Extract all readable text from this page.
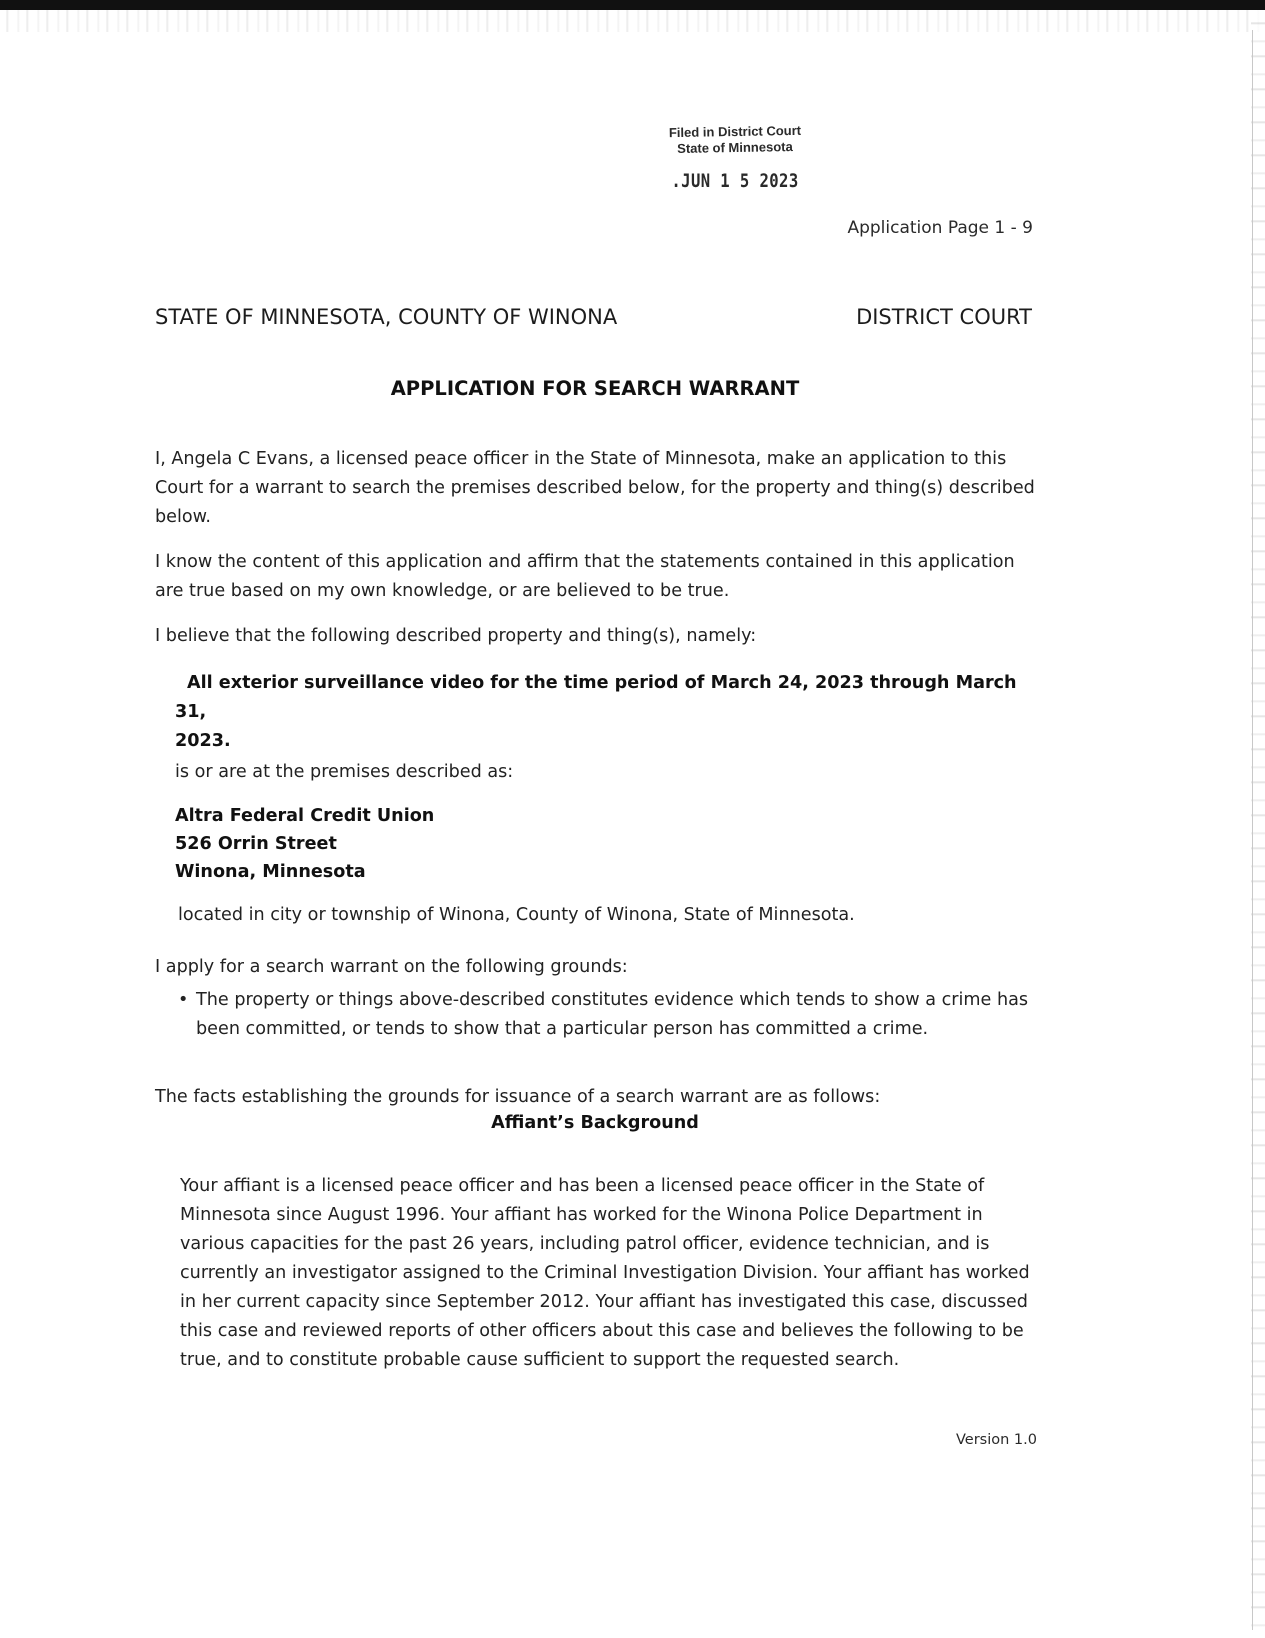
Filed in District Court
State of Minnesota
.JUN 1 5 2023
Application Page 1 - 9
STATE OF MINNESOTA, COUNTY OF WINONA	DISTRICT COURT
APPLICATION FOR SEARCH WARRANT

I, Angela C Evans, a licensed peace officer in the State of Minnesota, make an application to this Court for a warrant to search the premises described below, for the property and thing(s) described below.

I know the content of this application and affirm that the statements contained in this application are true based on my own knowledge, or are believed to be true.

I believe that the following described property and thing(s), namely:

All exterior surveillance video for the time period of March 24, 2023 through March 31,
2023.

is or are at the premises described as:

Altra Federal Credit Union
526 Orrin Street
Winona, Minnesota

located in city or township of Winona, County of Winona, State of Minnesota.

I apply for a search warrant on the following grounds:

• The property or things above-described constitutes evidence which tends to show a crime has been committed, or tends to show that a particular person has committed a crime.

The facts establishing the grounds for issuance of a search warrant are as follows:

Affiant’s Background

Your affiant is a licensed peace officer and has been a licensed peace officer in the State of Minnesota since August 1996. Your affiant has worked for the Winona Police Department in various capacities for the past 26 years, including patrol officer, evidence technician, and is currently an investigator assigned to the Criminal Investigation Division. Your affiant has worked in her current capacity since September 2012. Your affiant has investigated this case, discussed this case and reviewed reports of other officers about this case and believes the following to be true, and to constitute probable cause sufficient to support the requested search.

Version 1.0
